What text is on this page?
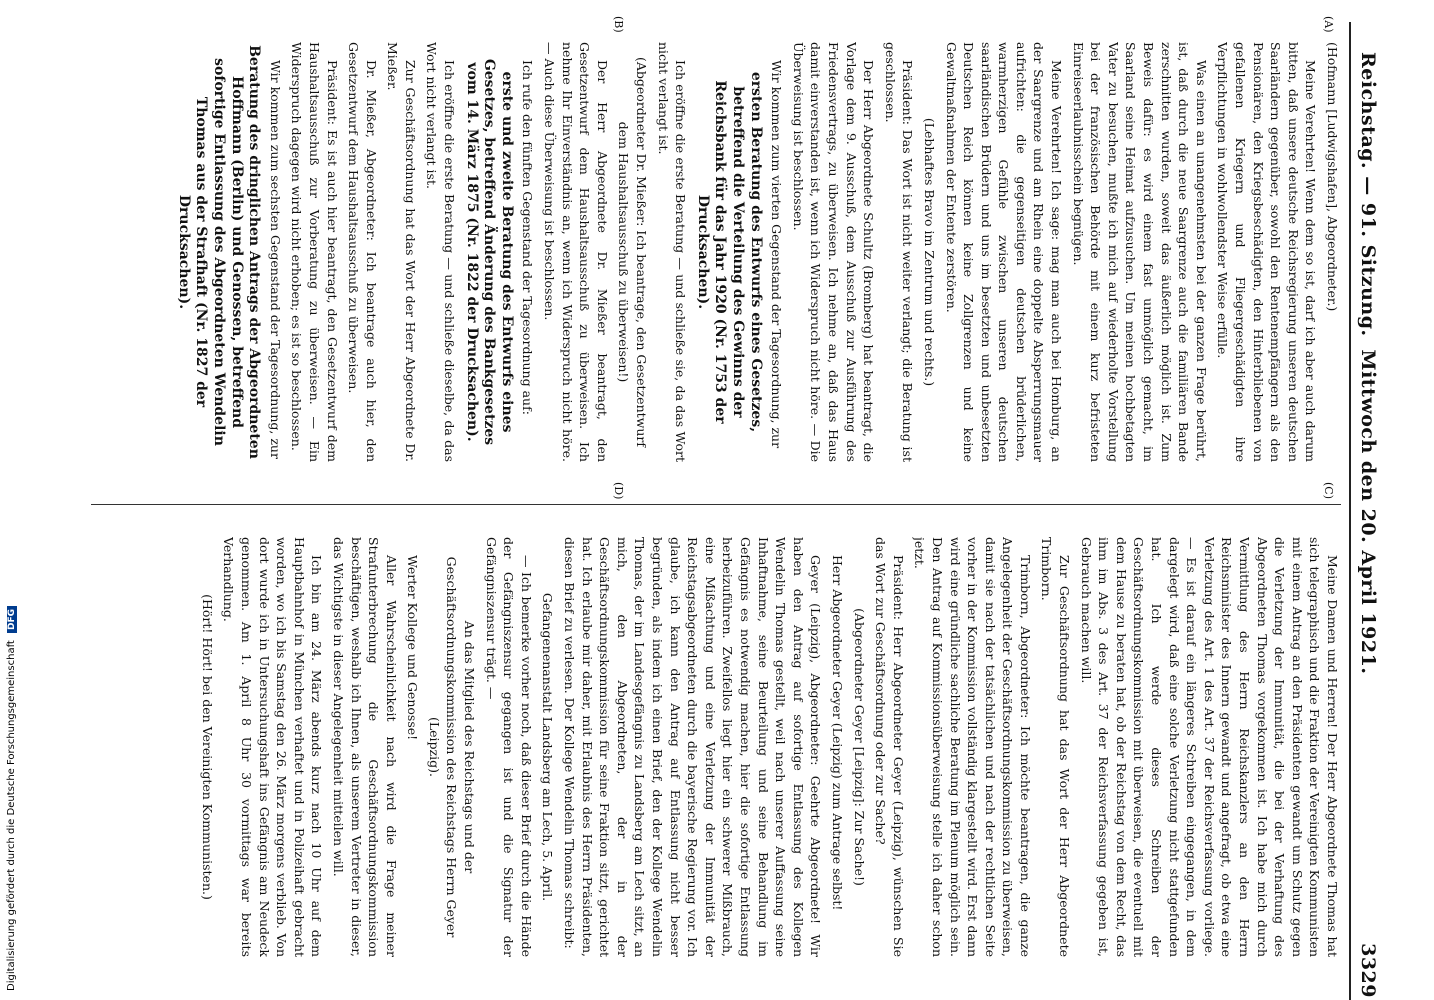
Reichstag. — 91. Sitzung.
Mittwoch den 20. April 1921.
3329
(A)
(B)
(C)
(D)

(Hofmann [Ludwigshafen], Abgeordneter.)

Meine Verehrten! Wenn dem so ist, darf ich aber auch darum bitten, daß unsere deutsche Reichsregierung unseren deutschen Saarländern gegenüber, sowohl den Rentenempfängern als den Pensionären, den Kriegsbeschädigten, den Hinterbliebenen von gefallenen Kriegern und Fliegergeschädigten ihre Verpflichtungen in wohlwollendster Weise erfülle.

Was einen an unangenehmsten bei der ganzen Frage berührt, ist, daß durch die neue Saargrenze auch die familiären Bande zerschnitten wurden, soweit das äußerlich möglich ist. Zum Beweis dafür: es wird einem fast unmöglich gemacht, im Saarland seine Heimat aufzusuchen. Um meinen hochbetagten Vater zu besuchen, mußte ich mich auf wiederholte Vorstellung bei der französischen Behörde mit einem kurz befristeten Einreiseerlaubnisschein begnügen.

Meine Verehrten! Ich sage: mag man auch bei Homburg, an der Saargrenze und am Rhein eine doppelte Absperrungsmauer aufrichten: die gegenseitigen deutschen brüderlichen, warmherzigen Gefühle zwischen unseren deutschen saarländischen Brüdern und uns im besetzten und unbesetzten Deutschen Reich können keine Zollgrenzen und keine Gewaltmaßnahmen der Entente zerstören.

(Lebhaftes Bravo im Zentrum und rechts.)

Präsident: Das Wort ist nicht weiter verlangt; die Beratung ist geschlossen.

Der Herr Abgeordnete Schultz (Bromberg) hat beantragt, die Vorlage dem 9. Ausschuß, dem Ausschuß zur Ausführung des Friedensvertrags, zu überweisen. Ich nehme an, daß das Haus damit einverstanden ist, wenn ich Widerspruch nicht höre. — Die Überweisung ist beschlossen.

Wir kommen zum vierten Gegenstand der Tagesordnung, zur

ersten Beratung des Entwurfs eines Gesetzes, betreffend die Verteilung des Gewinns der Reichsbank für das Jahr 1920 (Nr. 1753 der Drucksachen).

Ich eröffne die erste Beratung — und schließe sie, da das Wort nicht verlangt ist.

(Abgeordneter Dr. Mießer: Ich beantrage, den Gesetzentwurf dem Haushaltsausschuß zu überweisen!)

Der Herr Abgeordnete Dr. Mießer beantragt, den Gesetzentwurf dem Haushaltsausschuß zu überweisen. Ich nehme Ihr Einverständnis an, wenn ich Widerspruch nicht höre. — Auch diese Überweisung ist beschlossen.

Ich rufe den fünften Gegenstand der Tagesordnung auf:

erste und zweite Beratung des Entwurfs eines Gesetzes, betreffend Änderung des Bankgesetzes vom 14. März 1875 (Nr. 1822 der Drucksachen).

Ich eröffne die erste Beratung — und schließe dieselbe, da das Wort nicht verlangt ist.

Zur Geschäftsordnung hat das Wort der Herr Abgeordnete Dr. Mießer.

Dr. Mießer, Abgeordneter: Ich beantrage auch hier, den Gesetzentwurf dem Haushaltsausschuß zu überweisen.

Präsident: Es ist auch hier beantragt, den Gesetzentwurf dem Haushaltsausschuß zur Vorberatung zu überweisen. — Ein Widerspruch dagegen wird nicht erhoben; es ist so beschlossen.

Wir kommen zum sechsten Gegenstand der Tagesordnung, zur

Beratung des dringlichen Antrags der Abgeordneten Hoffmann (Berlin) und Genossen, betreffend sofortige Entlassung des Abgeordneten Wendelin Thomas aus der Strafhaft (Nr. 1827 der Drucksachen).

Meine Damen und Herren! Der Herr Abgeordnete Thomas hat sich telegraphisch und die Fraktion der Vereinigten Kommunisten mit einem Antrag an den Präsidenten gewandt um Schutz gegen die Verletzung der Immunität, die bei der Verhaftung des Abgeordneten Thomas vorgekommen ist. Ich habe mich durch Vermittlung des Herrn Reichskanzlers an den Herrn Reichsminister des Innern gewandt und angefragt, ob etwa eine Verletzung des Art. 1 des Art. 37 der Reichsverfassung vorliege. — Es ist darauf ein längeres Schreiben eingegangen, in dem dargelegt wird, daß eine solche Verletzung nicht stattgefunden hat. Ich werde dieses Schreiben der Geschäftsordnungskommission mit überweisen, die eventuell mit dem Hause zu beraten hat, ob der Reichstag von dem Recht, das ihm im Abs. 3 des Art. 37 der Reichsverfassung gegeben ist, Gebrauch machen will.

Zur Geschäftsordnung hat das Wort der Herr Abgeordnete Trimborn.

Trimborn, Abgeordneter: Ich möchte beantragen, die ganze Angelegenheit der Geschäftsordnungskommission zu überweisen, damit sie nach der tatsächlichen und nach der rechtlichen Seite vorher in der Kommission vollständig klargestellt wird. Erst dann wird eine gründliche sachliche Beratung im Plenum möglich sein. Den Antrag auf Kommissionsüberweisung stelle ich daher schon jetzt.

Präsident: Herr Abgeordneter Geyer (Leipzig), wünschen Sie das Wort zur Geschäftsordnung oder zur Sache?

(Abgeordneter Geyer [Leipzig]: Zur Sache!)

Herr Abgeordneter Geyer (Leipzig) zum Antrage selbst!

Geyer (Leipzig), Abgeordneter: Geehrte Abgeordnete! Wir haben den Antrag auf sofortige Entlassung des Kollegen Wendelin Thomas gestellt, weil nach unserer Auffassung seine Inhaftnahme, seine Beurteilung und seine Behandlung im Gefängnis es notwendig machen, hier die sofortige Entlassung herbeizuführen. Zweifellos liegt hier ein schwerer Mißbrauch, eine Mißachtung und eine Verletzung der Immunität der Reichstagsabgeordneten durch die bayerische Regierung vor. Ich glaube, ich kann den Antrag auf Entlassung nicht besser begründen, als indem ich einen Brief, den der Kollege Wendelin Thomas, der im Landesgefängnis zu Landsberg am Lech sitzt, an mich, den Abgeordneten, der in der Geschäftsordnungskommission für seine Fraktion sitzt, gerichtet hat. Ich erlaube mir daher, mit Erlaubnis des Herrn Präsidenten, diesen Brief zu verlesen. Der Kollege Wendelin Thomas schreibt:

Gefangenenanstalt Landsberg am Lech, 5. April.

— Ich bemerke vorher noch, daß dieser Brief durch die Hände der Gefängniszensur gegangen ist und die Signatur der Gefängniszensur trägt. —

An das Mitglied des Reichstags und der Geschäftsordnungskommission des Reichstags Herrn Geyer (Leipzig).

Werter Kollege und Genosse!

Aller Wahrscheinlichkeit nach wird die Frage meiner Strafunterbrechung die Geschäftsordnungskommission beschäftigen, weshalb ich Ihnen, als unserem Vertreter in dieser, das Wichtigste in dieser Angelegenheit mitteilen will.

Ich bin am 24. März abends kurz nach 10 Uhr auf dem Hauptbahnhof in München verhaftet und in Polizeihaft gebracht worden, wo ich bis Samstag den 26. März morgens verblieb. Von dort wurde ich in Untersuchungshaft ins Gefängnis am Neudeck genommen. Am 1. April 8 Uhr 30 vormittags war bereits Verhandlung.

(Hört! Hört! bei den Vereinigten Kommunisten.)

Digitalisierung gefördert durch die Deutsche Forschungsgemeinschaft DFG
